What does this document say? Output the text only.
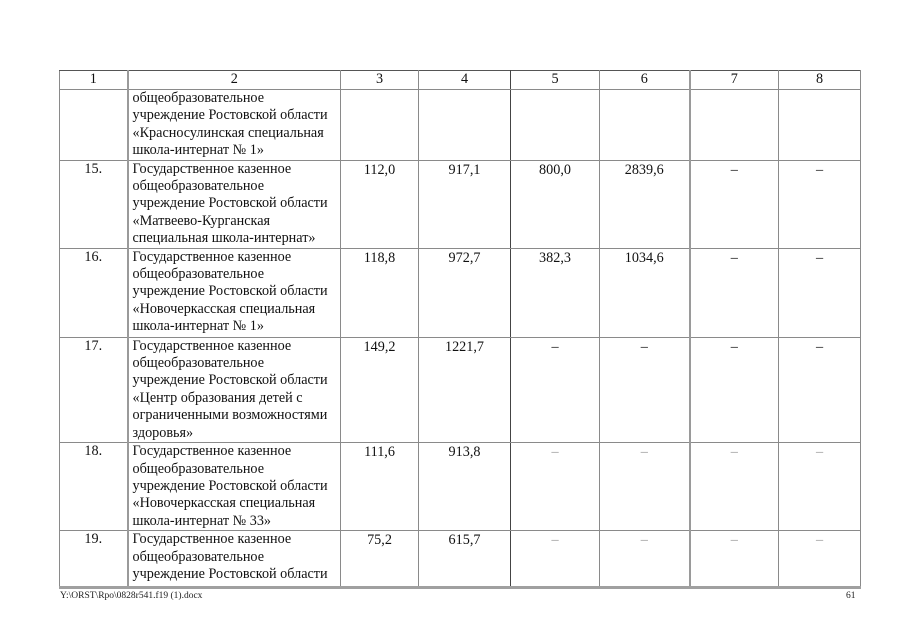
1	2	3	4	5	6	7	8
	общеобразовательное учреждение Ростовской области «Красносулинская специальная школа-интернат № 1»						
15.	Государственное казенное общеобразовательное учреждение Ростовской области «Матвеево-Курганская специальная школа-интернат»	112,0	917,1	800,0	2839,6	–	–
16.	Государственное казенное общеобразовательное учреждение Ростовской области «Новочеркасская специальная школа-интернат № 1»	118,8	972,7	382,3	1034,6	–	–
17.	Государственное казенное общеобразовательное учреждение Ростовской области «Центр образования детей с ограниченными возможностями здоровья»	149,2	1221,7	–	–	–	–
18.	Государственное казенное общеобразовательное учреждение Ростовской области «Новочеркасская специальная школа-интернат № 33»	111,6	913,8	–	–	–	–
19.	Государственное казенное общеобразовательное учреждение Ростовской области	75,2	615,7	–	–	–	–
Y:\ORST\Rpo\0828r541.f19 (1).docx	61
